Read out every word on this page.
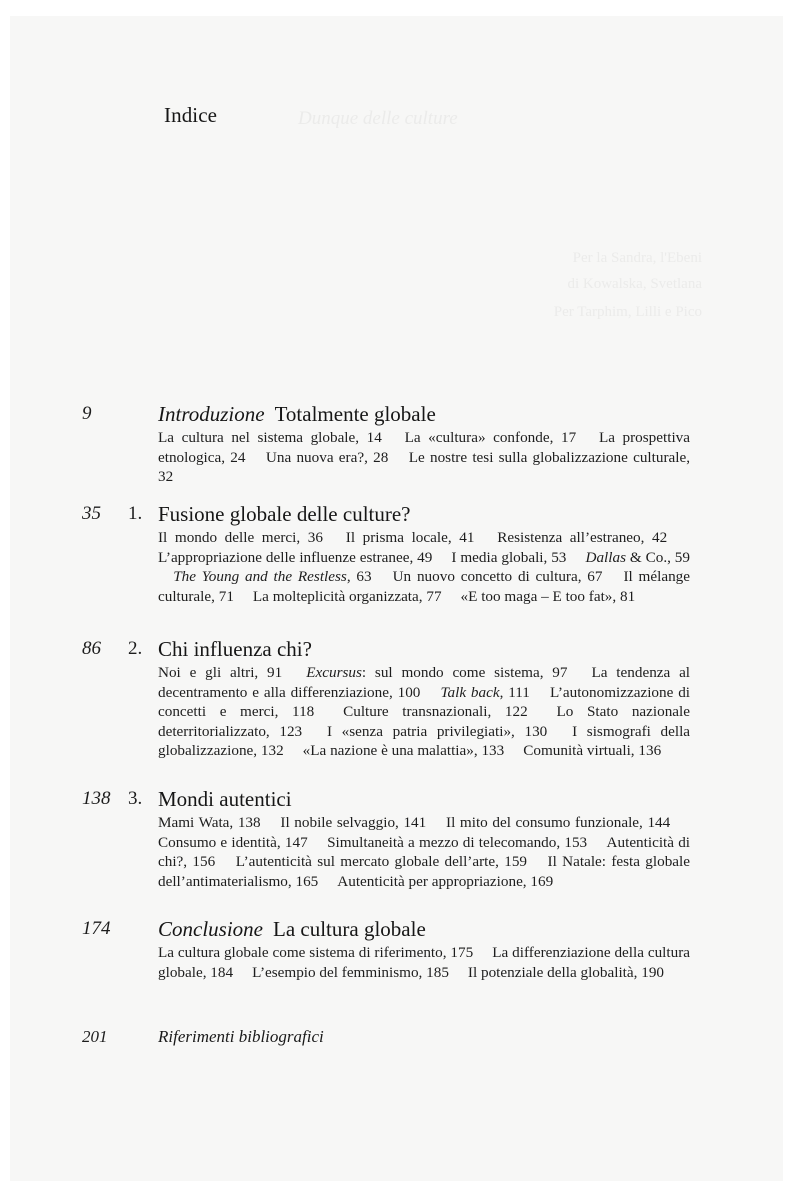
Dunque delle culture
Per la Sandra, l'Ebeni
di Kowalska, Svetlana
Per Tarphim, Lilli e Pico
Indice
9	Introduzione Totalmente globale
La cultura nel sistema globale, 14 La «cultura» confonde, 17 La prospettiva etnologica, 24 Una nuova era?, 28 Le nostre tesi sulla globalizzazione culturale, 32
35	1. Fusione globale delle culture?
Il mondo delle merci, 36 Il prisma locale, 41 Resistenza all’estraneo, 42 L’appropriazione delle influenze estranee, 49 I media globali, 53 Dallas & Co., 59 The Young and the Restless, 63 Un nuovo concetto di cultura, 67 Il mélange culturale, 71 La molteplicità organizzata, 77 «E too maga – E too fat», 81
86	2. Chi influenza chi?
Noi e gli altri, 91 Excursus: sul mondo come sistema, 97 La tendenza al decentramento e alla differenziazione, 100 Talk back, 111 L’autonomizzazione di concetti e merci, 118 Culture transnazionali, 122 Lo Stato nazionale deterritorializzato, 123 I «senza patria privilegiati», 130 I sismografi della globalizzazione, 132 «La nazione è una malattia», 133 Comunità virtuali, 136
138 3. Mondi autentici
Mami Wata, 138 Il nobile selvaggio, 141 Il mito del consumo funzionale, 144 Consumo e identità, 147 Simultaneità a mezzo di telecomando, 153 Autenticità di chi?, 156 L’autenticità sul mercato globale dell’arte, 159 Il Natale: festa globale dell’antimaterialismo, 165 Autenticità per appropriazione, 169
174	Conclusione La cultura globale
La cultura globale come sistema di riferimento, 175 La differenziazione della cultura globale, 184 L’esempio del femminismo, 185 Il potenziale della globalità, 190
201	Riferimenti bibliografici
